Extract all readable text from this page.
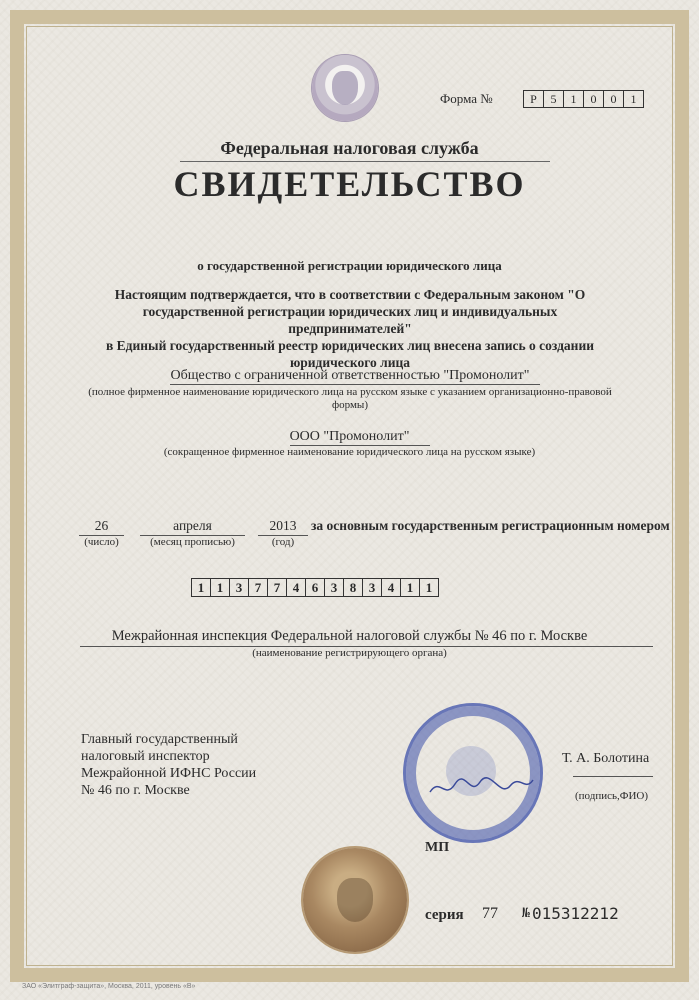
Форма №	Р	5	1	0	0	1
Федеральная налоговая служба
СВИДЕТЕЛЬСТВО
о государственной регистрации юридического лица
Настоящим подтверждается, что в соответствии с Федеральным законом "О
государственной регистрации юридических лиц и индивидуальных предпринимателей"
в Единый государственный реестр юридических лиц внесена запись о создании
юридического лица
Общество с ограниченной ответственностью "Промонолит"
(полное фирменное наименование юридического лица на русском языке с указанием организационно-правовой
формы)
ООО "Промонолит"
(сокращенное фирменное наименование юридического лица на русском языке)
26
(число)
апреля
(месяц прописью)
2013
(год)
за основным государственным регистрационным номером
1 1 3 7 7 4 6 3 8 3 4 1 1
Межрайонная инспекция Федеральной налоговой службы № 46 по г. Москве
(наименование регистрирующего органа)
Главный государственный
налоговый инспектор
Межрайонной ИФНС России
№ 46 по г. Москве
Т. А. Болотина
(подпись,ФИО)
МП
серия 77 № 015312212
ЗАО «Элитграф-защита», Москва, 2011, уровень «В»
